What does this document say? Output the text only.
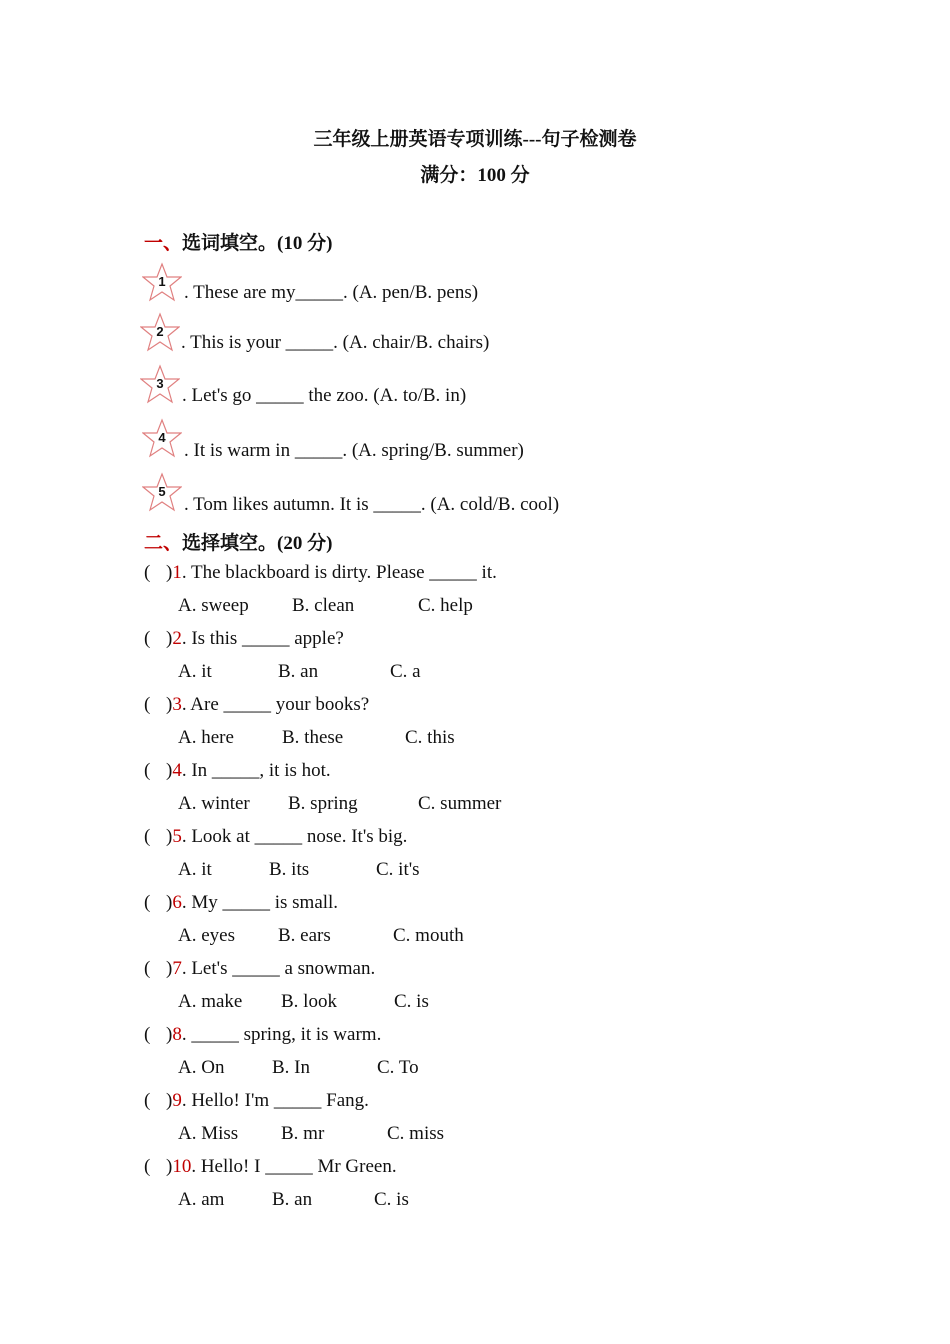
三年级上册英语专项训练---句子检测卷
满分：100 分
一、选词填空。(10 分)
1
. These are my_____. (A. pen/B. pens)
2
. This is your _____. (A. chair/B. chairs)
3
. Let's go _____ the zoo. (A. to/B. in)
4
. It is warm in _____. (A. spring/B. summer)
5
. Tom likes autumn. It is _____. (A. cold/B. cool)
二、选择填空。(20 分)
( )1. The blackboard is dirty. Please _____ it.
A. sweep B. clean	C. help
( )2. Is this _____ apple?
A. it	B. an	C. a
( )3. Are _____ your books?
A. here	B. these	C. this
( )4. In _____, it is hot.
A. winter B. spring	C. summer
( )5. Look at _____ nose. It's big.
A. it	B. its	C. it's
( )6. My _____ is small.
A. eyes B. ears	C. mouth
( )7. Let's _____ a snowman.
A. make B. look	C. is
( )8. _____ spring, it is warm.
A. On	B. In	C. To
( )9. Hello! I'm _____ Fang.
A. Miss B. mr	C. miss
( )10. Hello! I _____ Mr Green.
A. am	B. an	C. is
